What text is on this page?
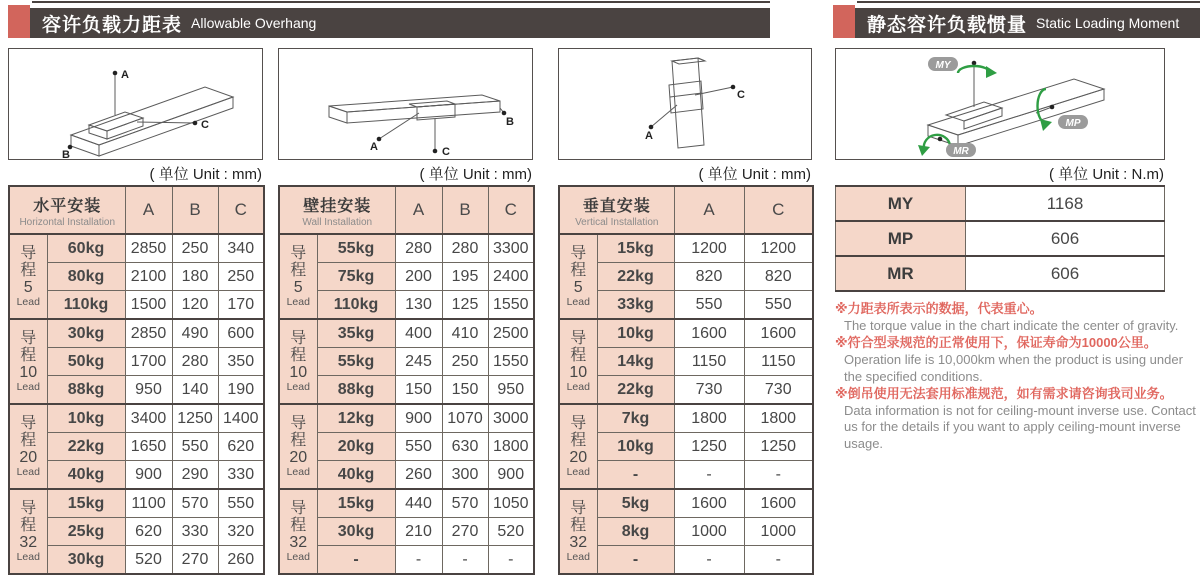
容许负载力距表 Allowable Overhang	静态容许负载惯量 Static Loading Moment
A
B
C
( 单位 Unit : mm)
水平安装
Horizontal Installation		A	B	C

导
程
5
Lead	60kg	2850	250	340
	80kg	2100	180	250
	110kg	1500	120	170

导
程
10
Lead	30kg	2850	490	600
	50kg	1700	280	350
	88kg	950	140	190

导
程
20
Lead	10kg	3400	1250	1400
	22kg	1650	550	620
	40kg	900	290	330

导
程
32
Lead	15kg	1100	570	550
	25kg	620	330	320
	30kg	520	270	260
A
B
C
( 单位 Unit : mm)
壁挂安装
Wall Installation		A	B	C

导
程
5
Lead	55kg	280	280	3300
	75kg	200	195	2400
	110kg	130	125	1550

导
程
10
Lead	35kg	400	410	2500
	55kg	245	250	1550
	88kg	150	150	950

导
程
20
Lead	12kg	900	1070	3000
	20kg	550	630	1800
	40kg	260	300	900

导
程
32
Lead	15kg	440	570	1050
	30kg	210	270	520
	-	-	-	-
A
C
( 单位 Unit : mm)
垂直安装
Vertical Installation		A	C

导
程
5
Lead	15kg	1200	1200
	22kg	820	820
	33kg	550	550

导
程
10
Lead	10kg	1600	1600
	14kg	1150	1150
	22kg	730	730

导
程
20
Lead	7kg	1800	1800
	10kg	1250	1250
	-	-	-

导
程
32
Lead	5kg	1600	1600
	8kg	1000	1000
	-	-	-
MY
MP
MR
( 单位 Unit : N.m)
MY	1168
MP	606
MR	606
※力距表所表示的数据，代表重心。
The torque value in the chart indicate the center of gravity.
※符合型录规范的正常使用下，保证寿命为10000公里。
Operation life is 10,000km when the product is using under the specified conditions.
※倒吊使用无法套用标准规范，如有需求请咨询我司业务。
Data information is not for ceiling-mount inverse use. Contact us for the details if you want to apply ceiling-mount inverse usage.
